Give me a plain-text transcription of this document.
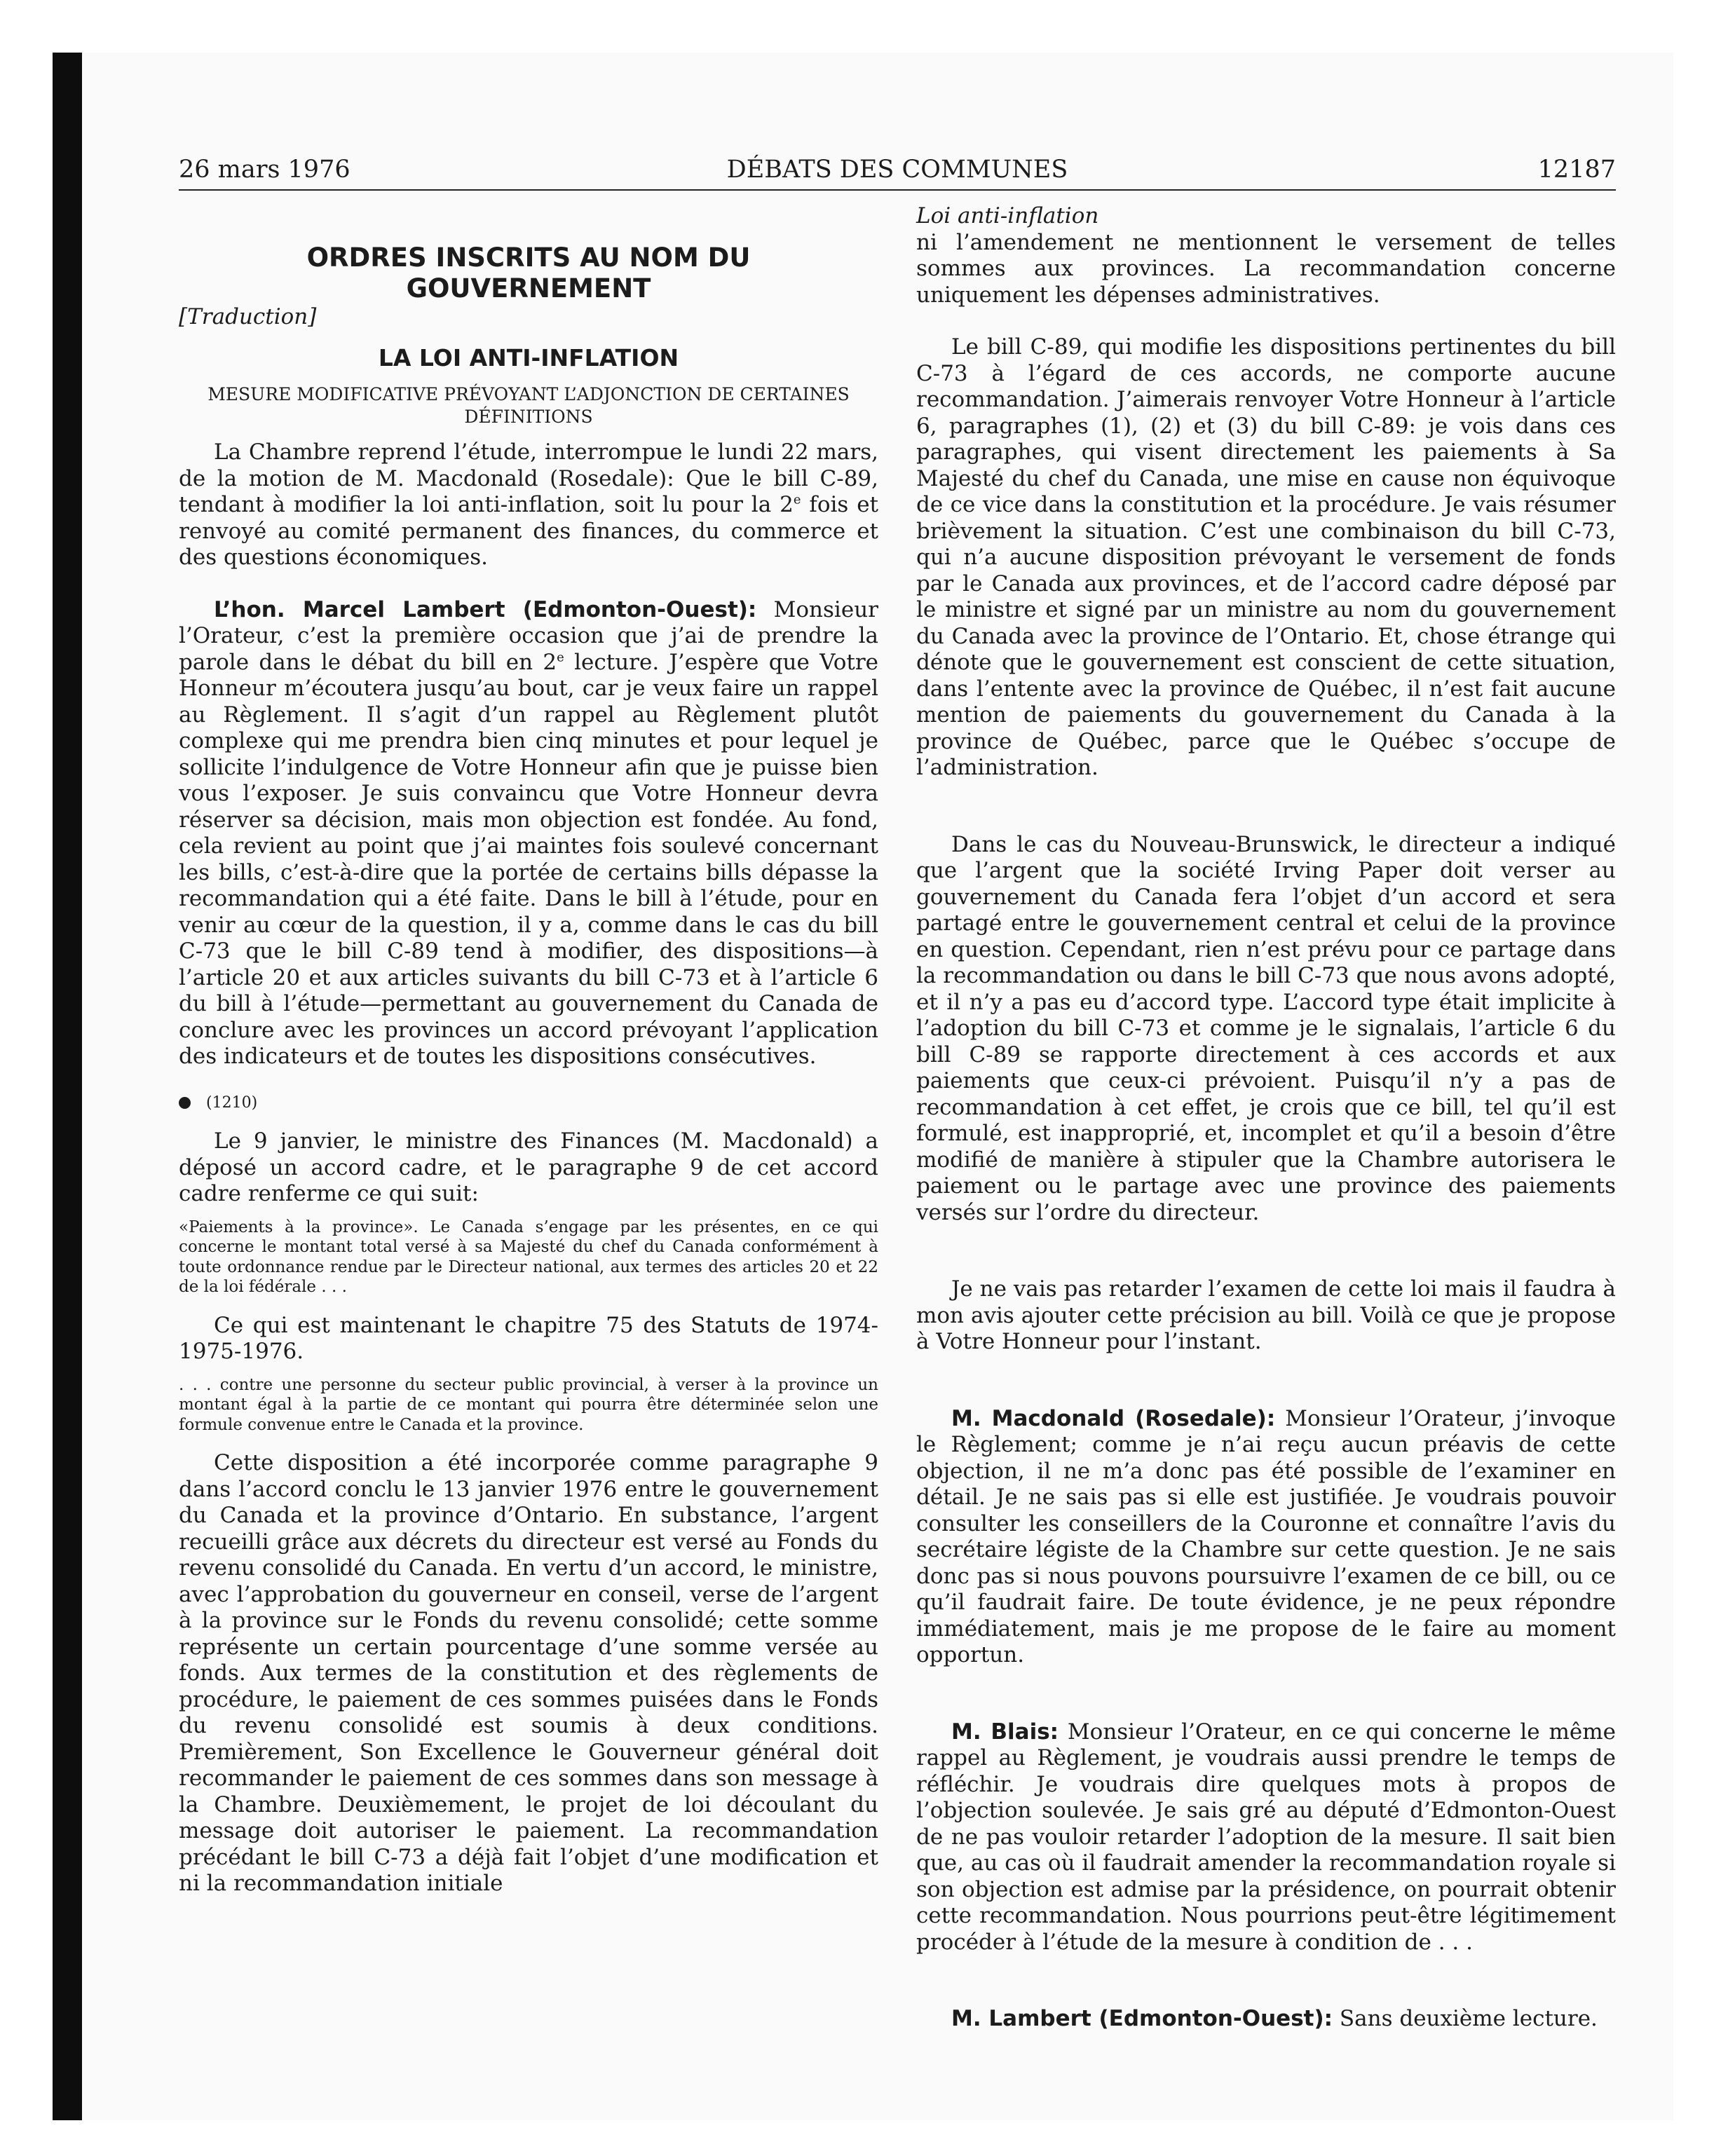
26 mars 1976	DÉBATS DES COMMUNES	12187
ORDRES INSCRITS AU NOM DU GOUVERNEMENT

[Traduction]

LA LOI ANTI-INFLATION
MESURE MODIFICATIVE PRÉVOYANT L’ADJONCTION DE CERTAINES DÉFINITIONS

La Chambre reprend l’étude, interrompue le lundi 22 mars, de la motion de M. Macdonald (Rosedale): Que le bill C-89, tendant à modifier la loi anti-inflation, soit lu pour la 2e fois et renvoyé au comité permanent des finances, du commerce et des questions économiques.

L’hon. Marcel Lambert (Edmonton-Ouest): Monsieur l’Orateur, c’est la première occasion que j’ai de prendre la parole dans le débat du bill en 2e lecture. J’espère que Votre Honneur m’écoutera jusqu’au bout, car je veux faire un rappel au Règlement. Il s’agit d’un rappel au Règlement plutôt complexe qui me prendra bien cinq minutes et pour lequel je sollicite l’indulgence de Votre Honneur afin que je puisse bien vous l’exposer. Je suis convaincu que Votre Honneur devra réserver sa décision, mais mon objection est fondée. Au fond, cela revient au point que j’ai maintes fois soulevé concernant les bills, c’est-à-dire que la portée de certains bills dépasse la recommandation qui a été faite. Dans le bill à l’étude, pour en venir au cœur de la question, il y a, comme dans le cas du bill C-73 que le bill C-89 tend à modifier, des dispositions—à l’article 20 et aux articles suivants du bill C-73 et à l’article 6 du bill à l’étude—permettant au gouvernement du Canada de conclure avec les provinces un accord prévoyant l’application des indicateurs et de toutes les dispositions consécutives.

(1210)

Le 9 janvier, le ministre des Finances (M. Macdonald) a déposé un accord cadre, et le paragraphe 9 de cet accord cadre renferme ce qui suit:

«Paiements à la province». Le Canada s’engage par les présentes, en ce qui concerne le montant total versé à sa Majesté du chef du Canada conformément à toute ordonnance rendue par le Directeur national, aux termes des articles 20 et 22 de la loi fédérale . . .

Ce qui est maintenant le chapitre 75 des Statuts de 1974-1975-1976.

. . . contre une personne du secteur public provincial, à verser à la province un montant égal à la partie de ce montant qui pourra être déterminée selon une formule convenue entre le Canada et la province.

Cette disposition a été incorporée comme paragraphe 9 dans l’accord conclu le 13 janvier 1976 entre le gouvernement du Canada et la province d’Ontario. En substance, l’argent recueilli grâce aux décrets du directeur est versé au Fonds du revenu consolidé du Canada. En vertu d’un accord, le ministre, avec l’approbation du gouverneur en conseil, verse de l’argent à la province sur le Fonds du revenu consolidé; cette somme représente un certain pourcentage d’une somme versée au fonds. Aux termes de la constitution et des règlements de procédure, le paiement de ces sommes puisées dans le Fonds du revenu consolidé est soumis à deux conditions. Premièrement, Son Excellence le Gouverneur général doit recommander le paiement de ces sommes dans son message à la Chambre. Deuxièmement, le projet de loi découlant du message doit autoriser le paiement. La recommandation précédant le bill C-73 a déjà fait l’objet d’une modification et ni la recommandation initiale

Loi anti-inflation

ni l’amendement ne mentionnent le versement de telles sommes aux provinces. La recommandation concerne uniquement les dépenses administratives.

Le bill C-89, qui modifie les dispositions pertinentes du bill C-73 à l’égard de ces accords, ne comporte aucune recommandation. J’aimerais renvoyer Votre Honneur à l’article 6, paragraphes (1), (2) et (3) du bill C-89: je vois dans ces paragraphes, qui visent directement les paiements à Sa Majesté du chef du Canada, une mise en cause non équivoque de ce vice dans la constitution et la procédure. Je vais résumer brièvement la situation. C’est une combinaison du bill C-73, qui n’a aucune disposition prévoyant le versement de fonds par le Canada aux provinces, et de l’accord cadre déposé par le ministre et signé par un ministre au nom du gouvernement du Canada avec la province de l’Ontario. Et, chose étrange qui dénote que le gouvernement est conscient de cette situation, dans l’entente avec la province de Québec, il n’est fait aucune mention de paiements du gouvernement du Canada à la province de Québec, parce que le Québec s’occupe de l’administration.

Dans le cas du Nouveau-Brunswick, le directeur a indiqué que l’argent que la société Irving Paper doit verser au gouvernement du Canada fera l’objet d’un accord et sera partagé entre le gouvernement central et celui de la province en question. Cependant, rien n’est prévu pour ce partage dans la recommandation ou dans le bill C-73 que nous avons adopté, et il n’y a pas eu d’accord type. L’accord type était implicite à l’adoption du bill C-73 et comme je le signalais, l’article 6 du bill C-89 se rapporte directement à ces accords et aux paiements que ceux-ci prévoient. Puisqu’il n’y a pas de recommandation à cet effet, je crois que ce bill, tel qu’il est formulé, est inapproprié, et, incomplet et qu’il a besoin d’être modifié de manière à stipuler que la Chambre autorisera le paiement ou le partage avec une province des paiements versés sur l’ordre du directeur.

Je ne vais pas retarder l’examen de cette loi mais il faudra à mon avis ajouter cette précision au bill. Voilà ce que je propose à Votre Honneur pour l’instant.

M. Macdonald (Rosedale): Monsieur l’Orateur, j’invoque le Règlement; comme je n’ai reçu aucun préavis de cette objection, il ne m’a donc pas été possible de l’examiner en détail. Je ne sais pas si elle est justifiée. Je voudrais pouvoir consulter les conseillers de la Couronne et connaître l’avis du secrétaire légiste de la Chambre sur cette question. Je ne sais donc pas si nous pouvons poursuivre l’examen de ce bill, ou ce qu’il faudrait faire. De toute évidence, je ne peux répondre immédiatement, mais je me propose de le faire au moment opportun.

M. Blais: Monsieur l’Orateur, en ce qui concerne le même rappel au Règlement, je voudrais aussi prendre le temps de réfléchir. Je voudrais dire quelques mots à propos de l’objection soulevée. Je sais gré au député d’Edmonton-Ouest de ne pas vouloir retarder l’adoption de la mesure. Il sait bien que, au cas où il faudrait amender la recommandation royale si son objection est admise par la présidence, on pourrait obtenir cette recommandation. Nous pourrions peut-être légitimement procéder à l’étude de la mesure à condition de . . .

M. Lambert (Edmonton-Ouest): Sans deuxième lecture.
